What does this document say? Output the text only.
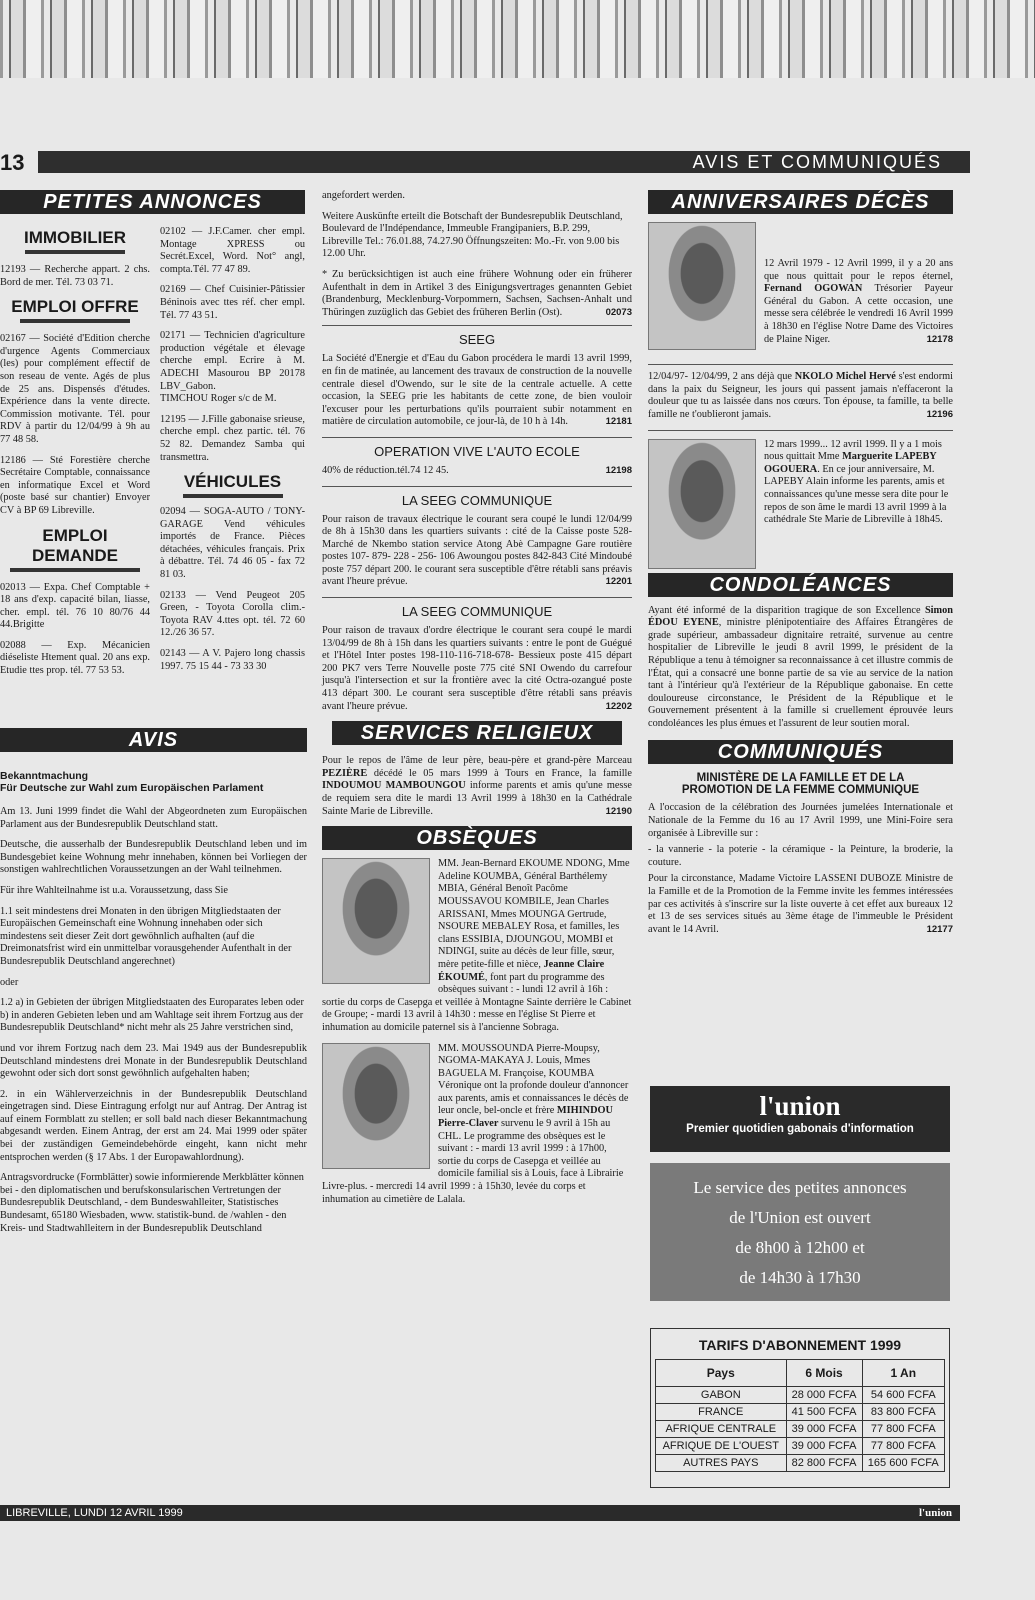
13	AVIS ET COMMUNIQUÉS
PETITES ANNONCES
IMMOBILIER

12193 — Recherche appart. 2 chs. Bord de mer. Tél. 73 03 71.

EMPLOI OFFRE

02167 — Société d'Edition cherche d'urgence Agents Commerciaux (les) pour complément effectif de son reseau de vente. Agés de plus de 25 ans. Dispensés d'études. Expérience dans la vente directe. Commission motivante. Tél. pour RDV à partir du 12/04/99 à 9h au 77 48 58.

12186 — Sté Forestière cherche Secrétaire Comptable, connaissance en informatique Excel et Word (poste basé sur chantier) Envoyer CV à BP 69 Libreville.

EMPLOI DEMANDE

02013 — Expa. Chef Comptable + 18 ans d'exp. capacité bilan, liasse, cher. empl. tél. 76 10 80/76 44 44.Brigitte

02088 — Exp. Mécanicien diéseliste Htement qual. 20 ans exp. Etudie ttes prop. tél. 77 53 53.

02102 — J.F.Camer. cher empl. Montage XPRESS ou Secrét.Excel, Word. Not° angl, compta.Tél. 77 47 89.

02169 — Chef Cuisinier-Pâtissier Béninois avec ttes réf. cher empl. Tél. 77 43 51.

02171 — Technicien d'agriculture production végétale et élevage cherche empl. Ecrire à M. ADECHI Masourou BP 20178 LBV_Gabon.

TIMCHOU Roger s/c de M.

12195 — J.Fille gabonaise srieuse, cherche empl. chez partic. tél. 76 52 82. Demandez Samba qui transmettra.

VÉHICULES

02094 — SOGA-AUTO / TONY-GARAGE Vend véhicules importés de France. Pièces détachées, véhicules français. Prix à débattre. Tél. 74 46 05 - fax 72 81 03.

02133 — Vend Peugeot 205 Green, - Toyota Corolla clim.- Toyota RAV 4.ttes opt. tél. 72 60 12./26 36 57.

02143 — A V. Pajero long chassis 1997. 75 15 44 - 73 33 30

AVIS
Bekanntmachung
Für Deutsche zur Wahl zum Europäischen Parlament

Am 13. Juni 1999 findet die Wahl der Abgeordneten zum Europäischen Parlament aus der Bundesrepublik Deutschland statt.

Deutsche, die ausserhalb der Bundesrepublik Deutschland leben und im Bundesgebiet keine Wohnung mehr innehaben, können bei Vorliegen der sonstigen wahlrechtlichen Voraussetzungen an der Wahl teilnehmen.

Für ihre Wahlteilnahme ist u.a. Voraussetzung, dass Sie

1.1 seit mindestens drei Monaten in den übrigen Mitgliedstaaten der Europäischen Gemeinschaft eine Wohnung innehaben oder sich mindestens seit dieser Zeit dort gewöhnlich aufhalten (auf die Dreimonatsfrist wird ein unmittelbar vorausgehender Aufenthalt in der Bundesrepublik Deutschland angerechnet)

oder

1.2 a) in Gebieten der übrigen Mitgliedstaaten des Europarates leben oder b) in anderen Gebieten leben und am Wahltage seit ihrem Fortzug aus der Bundesrepublik Deutschland* nicht mehr als 25 Jahre verstrichen sind,

und vor ihrem Fortzug nach dem 23. Mai 1949 aus der Bundesrepublik Deutschland mindestens drei Monate in der Bundesrepublik Deutschland gewohnt oder sich dort sonst gewöhnlich aufgehalten haben;

2. in ein Wählerverzeichnis in der Bundesrepublik Deutschland eingetragen sind. Diese Eintragung erfolgt nur auf Antrag. Der Antrag ist auf einem Formblatt zu stellen; er soll bald nach dieser Bekanntmachung abgesandt werden. Einem Antrag, der erst am 24. Mai 1999 oder später bei der zuständigen Gemeindebehörde eingeht, kann nicht mehr entsprochen werden (§ 17 Abs. 1 der Europawahlordnung).

Antragsvordrucke (Formblätter) sowie informierende Merkblätter können bei - den diplomatischen und berufskonsularischen Vertretungen der Bundesrepublik Deutschland, - dem Bundeswahlleiter, Statistisches Bundesamt, 65180 Wiesbaden, www. statistik-bund. de /wahlen - den Kreis- und Stadtwahlleitern in der Bundesrepublik Deutschland

angefordert werden.

Weitere Auskünfte erteilt die Botschaft der Bundesrepublik Deutschland, Boulevard de l'Indépendance, Immeuble Frangipaniers, B.P. 299, Libreville Tel.: 76.01.88, 74.27.90 Öffnungszeiten: Mo.-Fr. von 9.00 bis 12.00 Uhr.

* Zu berücksichtigen ist auch eine frühere Wohnung oder ein früherer Aufenthalt in dem in Artikel 3 des Einigungsvertrages genannten Gebiet (Brandenburg, Mecklenburg-Vorpommern, Sachsen, Sachsen-Anhalt und Thüringen zuzüglich das Gebiet des früheren Berlin (Ost).	02073

SEEG

La Société d'Energie et d'Eau du Gabon procédera le mardi 13 avril 1999, en fin de matinée, au lancement des travaux de construction de la nouvelle centrale diesel d'Owendo, sur le site de la centrale actuelle. A cette occasion, la SEEG prie les habitants de cette zone, de bien vouloir l'excuser pour les perturbations qu'ils pourraient subir notamment en matière de circulation automobile, ce jour-là, de 10 h à 14h.	12181

OPERATION VIVE L'AUTO ECOLE

40% de réduction.tél.74 12 45.	12198

LA SEEG COMMUNIQUE

Pour raison de travaux électrique le courant sera coupé le lundi 12/04/99 de 8h à 15h30 dans les quartiers suivants : cité de la Caisse poste 528- Marché de Nkembo station service Atong Abè Campagne Gare routière postes 107- 879- 228 - 256- 106 Awoungou postes 842-843 Cité Mindoubé poste 757 départ 200. le courant sera susceptible d'être rétabli sans préavis avant l'heure prévue.	12201

LA SEEG COMMUNIQUE

Pour raison de travaux d'ordre électrique le courant sera coupé le mardi 13/04/99 de 8h à 15h dans les quartiers suivants : entre le pont de Guégué et l'Hôtel Inter postes 198-110-116-718-678- Bessieux poste 415 départ 200 PK7 vers Terre Nouvelle poste 775 cité SNI Owendo du carrefour jusqu'à l'intersection et sur la frontière avec la cité Octra-ozangué poste 413 départ 300. Le courant sera susceptible d'être rétabli sans préavis avant l'heure prévue.	12202

SERVICES RELIGIEUX

Pour le repos de l'âme de leur père, beau-père et grand-père Marceau PEZIÈRE décédé le 05 mars 1999 à Tours en France, la famille INDOUMOU MAMBOUNGOU informe parents et amis qu'une messe de requiem sera dite le mardi 13 Avril 1999 à 18h30 en la Cathédrale Sainte Marie de Libreville.	12190

OBSÈQUES

MM. Jean-Bernard EKOUME NDONG, Mme Adeline KOUMBA, Général Barthélemy MBIA, Général Benoît Pacôme MOUSSAVOU KOMBILE, Jean Charles ARISSANI, Mmes MOUNGA Gertrude, NSOURE MEBALEY Rosa, et familles, les clans ESSIBIA, DJOUNGOU, MOMBI et NDINGI, suite au décès de leur fille, sœur, mère petite-fille et nièce, Jeanne Claire ÉKOUMÉ, font part du programme des obsèques suivant : - lundi 12 avril à 16h : sortie du corps de Casepga et veillée à Montagne Sainte derrière le Cabinet de Groupe; - mardi 13 avril à 14h30 : messe en l'église St Pierre et inhumation au domicile paternel sis à l'ancienne Sobraga.

MM. MOUSSOUNDA Pierre-Moupsy, NGOMA-MAKAYA J. Louis, Mmes BAGUELA M. Françoise, KOUMBA Véronique ont la profonde douleur d'annoncer aux parents, amis et connaissances le décès de leur oncle, bel-oncle et frère MIHINDOU Pierre-Claver survenu le 9 avril à 15h au CHL. Le programme des obsèques est le suivant : - mardi 13 avril 1999 : à 17h00, sortie du corps de Casepga et veillée au domicile familial sis à Louis, face à Librairie Livre-plus. - mercredi 14 avril 1999 : à 15h30, levée du corps et inhumation au cimetière de Lalala.

ANNIVERSAIRES DÉCÈS

12 Avril 1979 - 12 Avril 1999, il y a 20 ans que nous quittait pour le repos éternel, Fernand OGOWAN Trésorier Payeur Général du Gabon. A cette occasion, une messe sera célébrée le vendredi 16 Avril 1999 à 18h30 en l'église Notre Dame des Victoires de Plaine Niger.	12178

12/04/97- 12/04/99, 2 ans déjà que NKOLO Michel Hervé s'est endormi dans la paix du Seigneur, les jours qui passent jamais n'effaceront la douleur que tu as laissée dans nos cœurs. Ton épouse, ta famille, ta belle famille ne t'oublieront jamais.	12196

12 mars 1999... 12 avril 1999. Il y a 1 mois nous quittait Mme Marguerite LAPEBY OGOUERA. En ce jour anniversaire, M. LAPEBY Alain informe les parents, amis et connaissances qu'une messe sera dite pour le repos de son âme le mardi 13 avril 1999 à la cathédrale Ste Marie de Libreville à 18h45.

CONDOLÉANCES

Ayant été informé de la disparition tragique de son Excellence Simon ÉDOU EYENE, ministre plénipotentiaire des Affaires Étrangères de grade supérieur, ambassadeur dignitaire retraité, survenue au centre hospitalier de Libreville le jeudi 8 avril 1999, le président de la République a tenu à témoigner sa reconnaissance à cet illustre commis de l'État, qui a consacré une bonne partie de sa vie au service de la nation tant à l'intérieur qu'à l'extérieur de la République gabonaise. En cette douloureuse circonstance, le Président de la République et le Gouvernement présentent à la famille si cruellement éprouvée leurs condoléances les plus émues et l'assurent de leur soutien moral.

COMMUNIQUÉS
MINISTÈRE DE LA FAMILLE ET DE LA PROMOTION DE LA FEMME COMMUNIQUE

A l'occasion de la célébration des Journées jumelées Internationale et Nationale de la Femme du 16 au 17 Avril 1999, une Mini-Foire sera organisée à Libreville sur :

- la vannerie - la poterie - la céramique - la Peinture, la broderie, la couture.

Pour la circonstance, Madame Victoire LASSENI DUBOZE Ministre de la Famille et de la Promotion de la Femme invite les femmes intéressées par ces activités à s'inscrire sur la liste ouverte à cet effet aux bureaux 12 et 13 de ses services situés au 3ème étage de l'immeuble le Président avant le 14 Avril.	12177

l'union
Premier quotidien gabonais d'information
Le service des petites annonces
de l'Union est ouvert
de 8h00 à 12h00 et
de 14h30 à 17h30
TARIFS D'ABONNEMENT 1999
Pays	6 Mois	1 An
GABON	28 000 FCFA	54 600 FCFA
FRANCE	41 500 FCFA	83 800 FCFA
AFRIQUE CENTRALE	39 000 FCFA	77 800 FCFA
AFRIQUE DE L'OUEST	39 000 FCFA	77 800 FCFA
AUTRES PAYS	82 800 FCFA	165 600 FCFA
LIBREVILLE, LUNDI 12 AVRIL 1999	l'union
